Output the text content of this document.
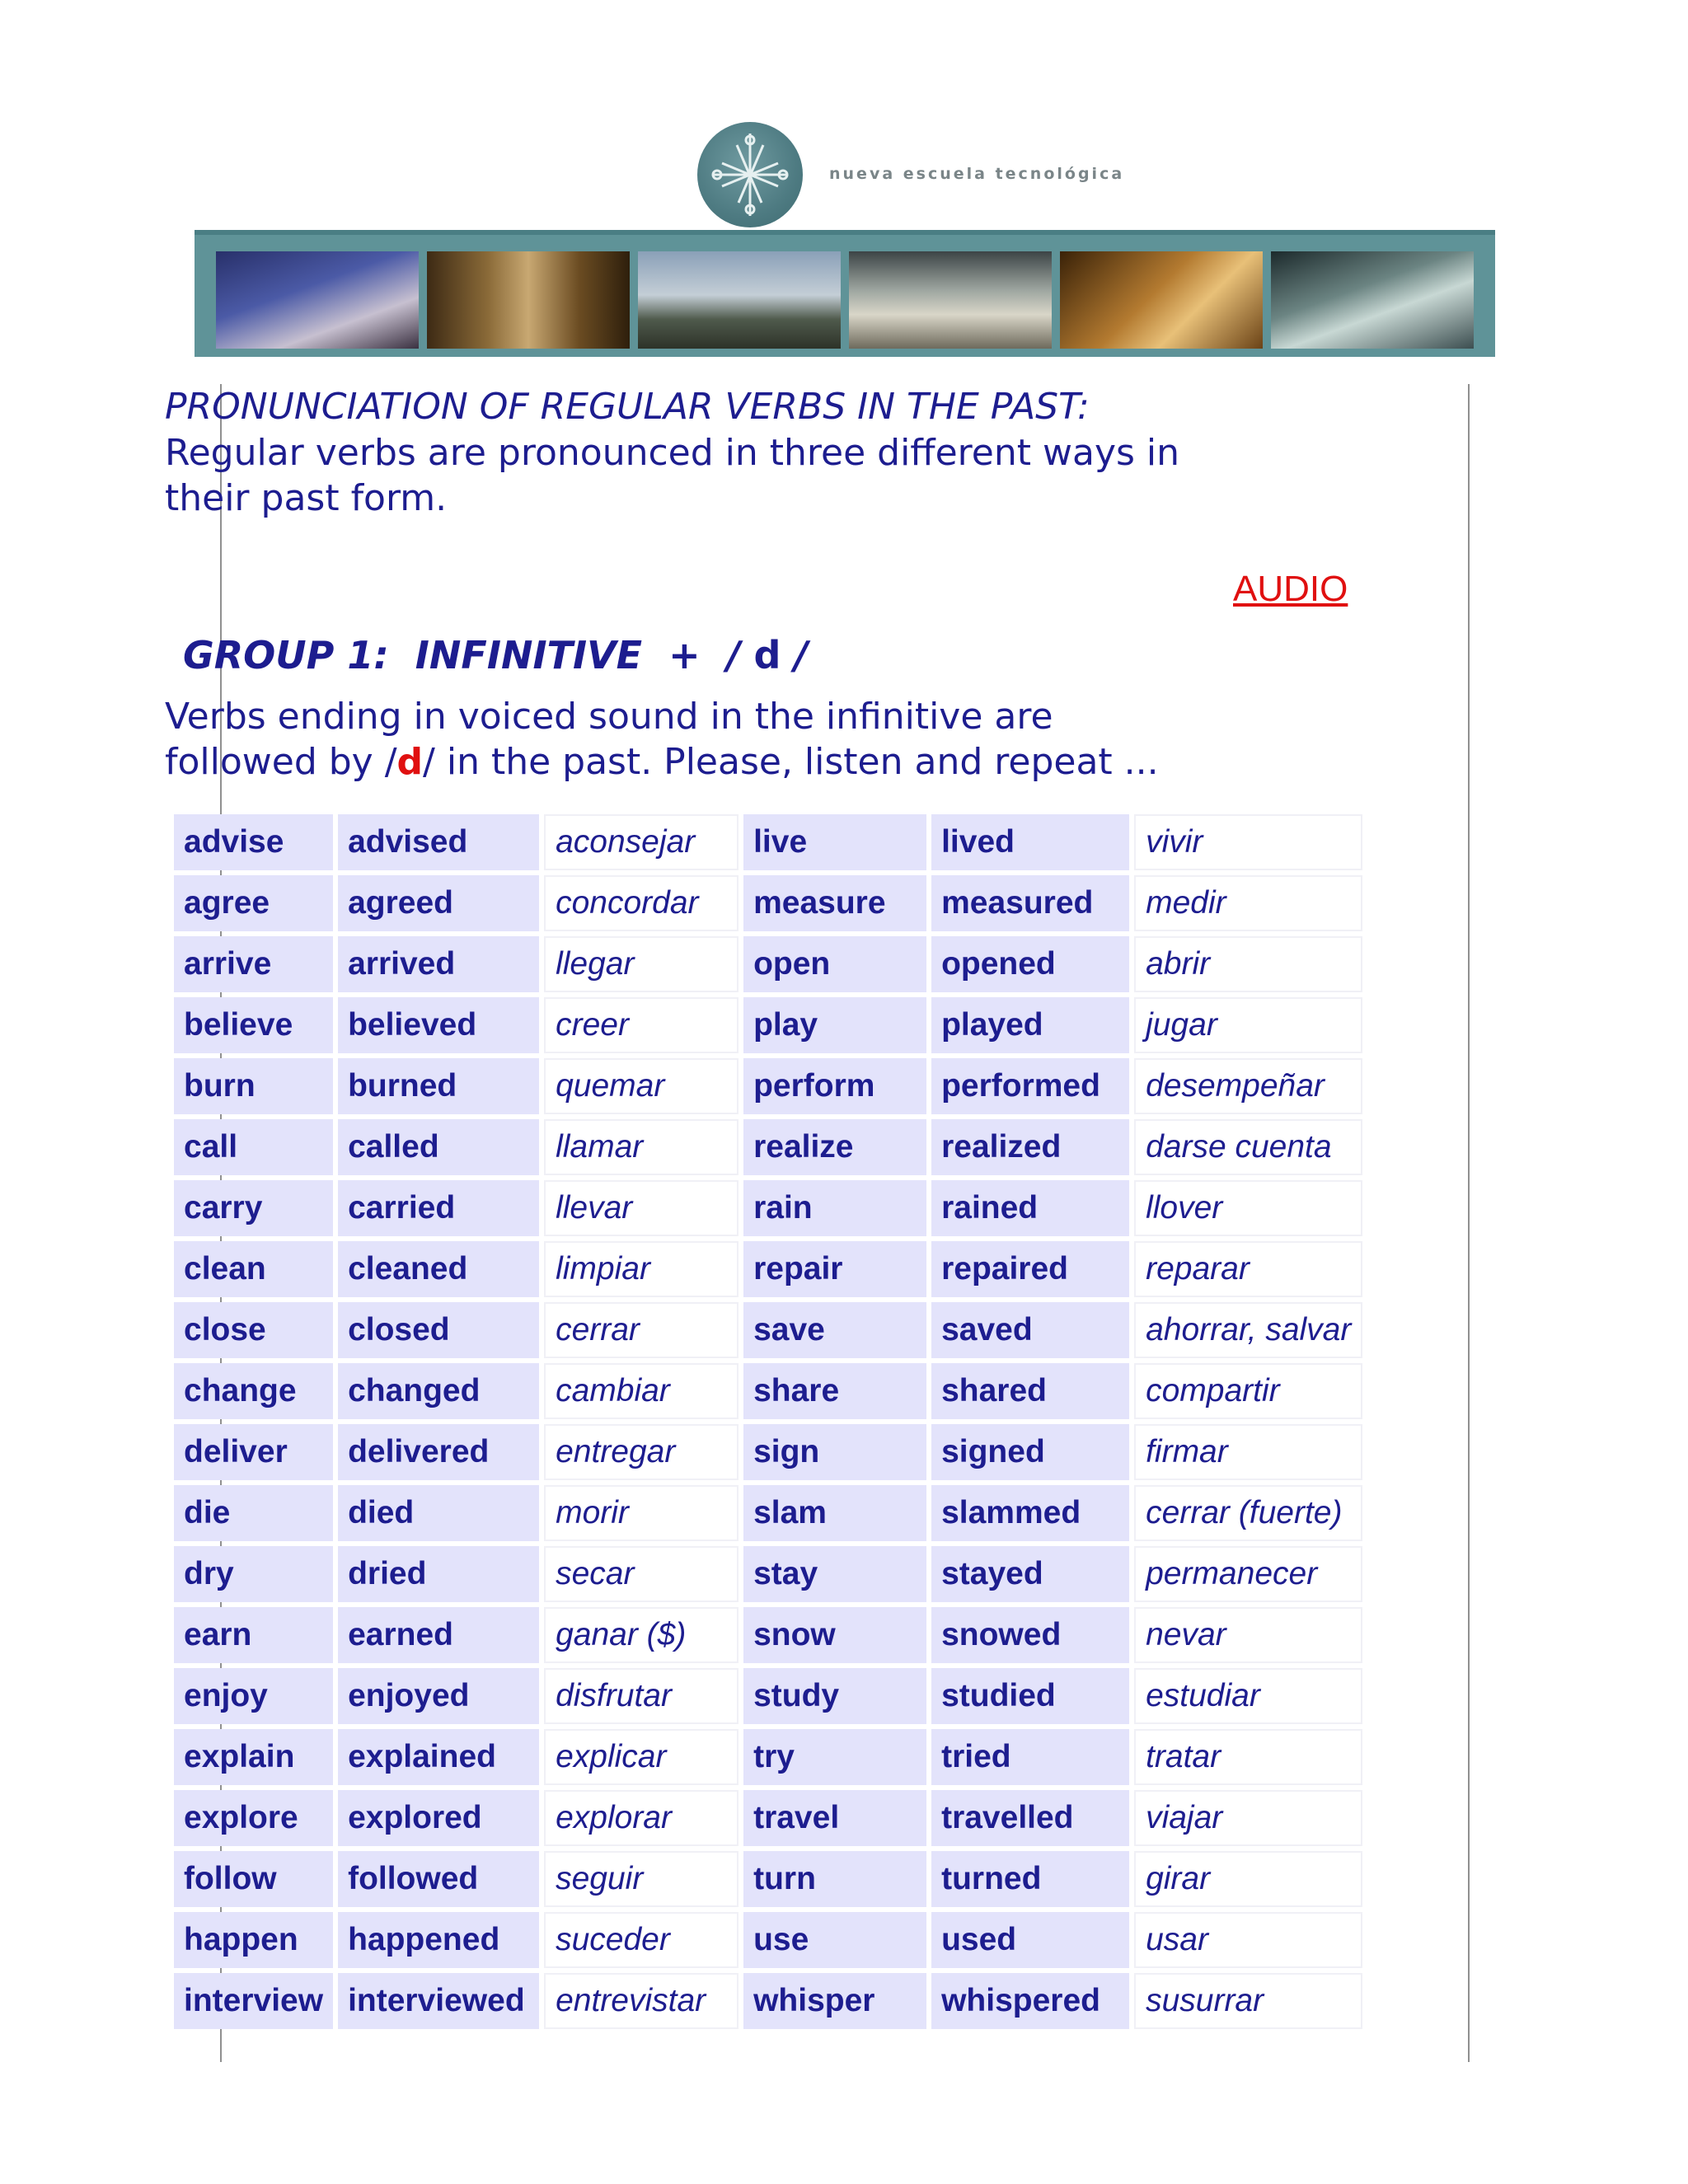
nueva escuela tecnológica
PRONUNCIATION OF REGULAR VERBS IN THE PAST:
Regular verbs are pronounced in three different ways in
their past form.
AUDIO
GROUP 1:  INFINITIVE  +  / d /
Verbs ending in voiced sound in the infinitive are
followed by /d/ in the past. Please, listen and repeat ...
advise	advised	aconsejar	live	lived	vivir
agree	agreed	concordar	measure	measured	medir
arrive	arrived	llegar	open	opened	abrir
believe	believed	creer	play	played	jugar
burn	burned	quemar	perform	performed	desempeñar
call	called	llamar	realize	realized	darse cuenta
carry	carried	llevar	rain	rained	llover
clean	cleaned	limpiar	repair	repaired	reparar
close	closed	cerrar	save	saved	ahorrar, salvar
change	changed	cambiar	share	shared	compartir
deliver	delivered	entregar	sign	signed	firmar
die	died	morir	slam	slammed	cerrar (fuerte)
dry	dried	secar	stay	stayed	permanecer
earn	earned	ganar ($)	snow	snowed	nevar
enjoy	enjoyed	disfrutar	study	studied	estudiar
explain	explained	explicar	try	tried	tratar
explore	explored	explorar	travel	travelled	viajar
follow	followed	seguir	turn	turned	girar
happen	happened	suceder	use	used	usar
interview	interviewed	entrevistar	whisper	whispered	susurrar
